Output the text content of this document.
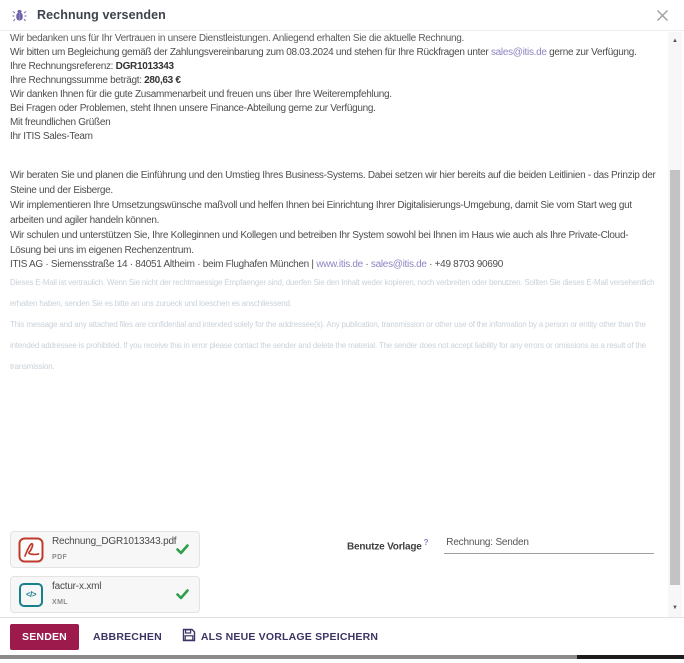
Rechnung versenden

Wir bedanken uns für Ihr Vertrauen in unsere Dienstleistungen. Anliegend erhalten Sie die aktuelle Rechnung.

Wir bitten um Begleichung gemäß der Zahlungsvereinbarung zum 08.03.2024 und stehen für Ihre Rückfragen unter sales@itis.de gerne zur Verfügung.

Ihre Rechnungsreferenz: DGR1013343

Ihre Rechnungssumme beträgt: 280,63 €

Wir danken Ihnen für die gute Zusammenarbeit und freuen uns über Ihre Weiterempfehlung.

Bei Fragen oder Problemen, steht Ihnen unsere Finance-Abteilung gerne zur Verfügung.

Mit freundlichen Grüßen

Ihr ITIS Sales-Team

Wir beraten Sie und planen die Einführung und den Umstieg Ihres Business-Systems. Dabei setzen wir hier bereits auf die beiden Leitlinien - das Prinzip der Steine und der Eisberge.
Wir implementieren Ihre Umsetzungswünsche maßvoll und helfen Ihnen bei Einrichtung Ihrer Digitalisierungs-Umgebung, damit Sie vom Start weg gut arbeiten und agiler handeln können.
Wir schulen und unterstützen Sie, Ihre Kolleginnen und Kollegen und betreiben Ihr System sowohl bei Ihnen im Haus wie auch als Ihre Private-Cloud-Lösung bei uns im eigenen Rechenzentrum.

ITIS AG · Siemensstraße 14 · 84051 Altheim · beim Flughafen München | www.itis.de · sales@itis.de · +49 8703 90690

Dieses E-Mail ist vertraulich. Wenn Sie nicht der rechtmaessige Empfaenger sind, duerfen Sie den Inhalt weder kopieren, noch verbreiten oder benutzen. Sollten Sie dieses E-Mail versehentlich erhalten haben, senden Sie es bitte an uns zurueck und loeschen es anschliessend.

This message and any attached files are confidential and intended solely for the addressee(s). Any publication, transmission or other use of the information by a person or entity other than the intended addressee is prohibited. If you receive this in error please contact the sender and delete the material. The sender does not accept liability for any errors or omissions as a result of the transmission.

Rechnung_DGR1013343.pdf
PDF
</>
factur-x.xml
XML
Benutze Vorlage ?
Rechnung: Senden
▲
▼
SENDEN	ABBRECHEN	ALS NEUE VORLAGE SPEICHERN
